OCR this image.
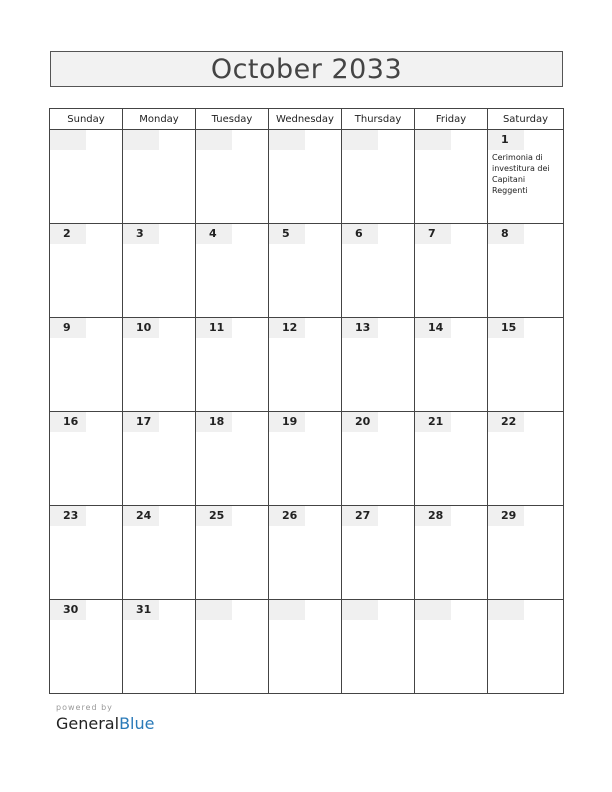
October 2033
Sunday	Monday	Tuesday	Wednesday	Thursday	Friday	Saturday

						1
Cerimonia di investitura dei Capitani Reggenti

2	3	4	5	6	7	8

9	10	11	12	13	14	15

16	17	18	19	20	21	22

23	24	25	26	27	28	29

30	31					

powered by
GeneralBlue
